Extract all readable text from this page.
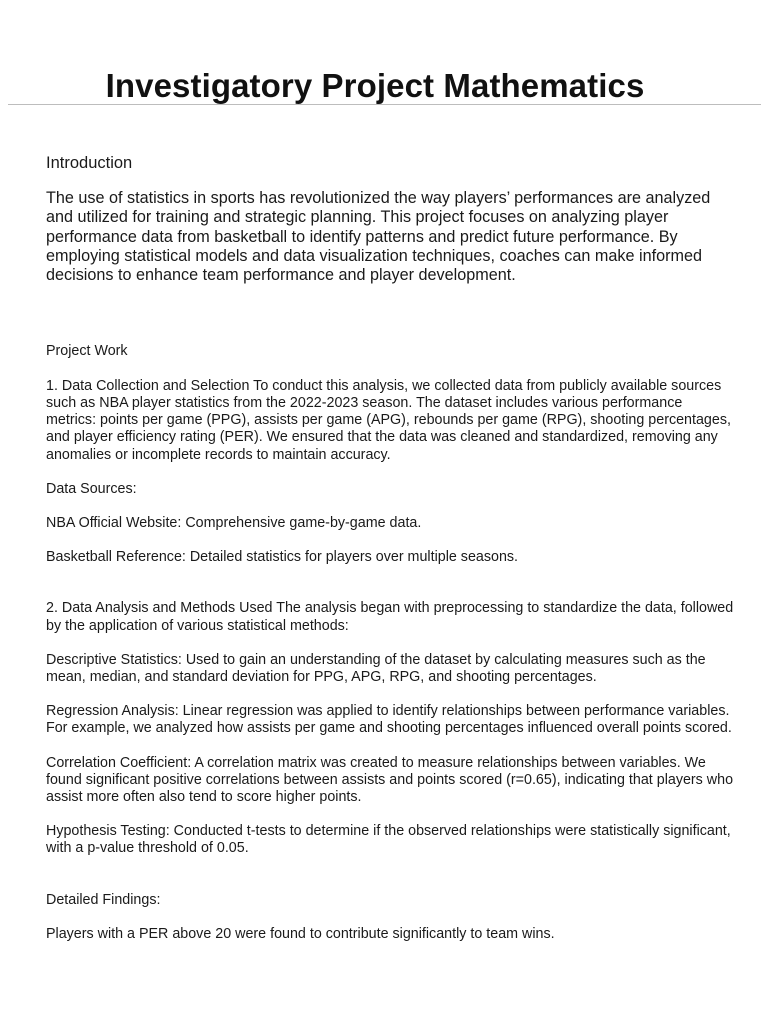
Investigatory Project Mathematics

Introduction

The use of statistics in sports has revolutionized the way players’ performances are analyzed and utilized for training and strategic planning. This project focuses on analyzing player performance data from basketball to identify patterns and predict future performance. By employing statistical models and data visualization techniques, coaches can make informed decisions to enhance team performance and player development.

Project Work

1. Data Collection and Selection To conduct this analysis, we collected data from publicly available sources such as NBA player statistics from the 2022-2023 season. The dataset includes various performance metrics: points per game (PPG), assists per game (APG), rebounds per game (RPG), shooting percentages, and player efficiency rating (PER). We ensured that the data was cleaned and standardized, removing any anomalies or incomplete records to maintain accuracy.

Data Sources:

NBA Official Website: Comprehensive game-by-game data.

Basketball Reference: Detailed statistics for players over multiple seasons.

2. Data Analysis and Methods Used The analysis began with preprocessing to standardize the data, followed by the application of various statistical methods:

Descriptive Statistics: Used to gain an understanding of the dataset by calculating measures such as the mean, median, and standard deviation for PPG, APG, RPG, and shooting percentages.

Regression Analysis: Linear regression was applied to identify relationships between performance variables. For example, we analyzed how assists per game and shooting percentages influenced overall points scored.

Correlation Coefficient: A correlation matrix was created to measure relationships between variables. We found significant positive correlations between assists and points scored (r=0.65), indicating that players who assist more often also tend to score higher points.

Hypothesis Testing: Conducted t-tests to determine if the observed relationships were statistically significant, with a p-value threshold of 0.05.

Detailed Findings:

Players with a PER above 20 were found to contribute significantly to team wins.
